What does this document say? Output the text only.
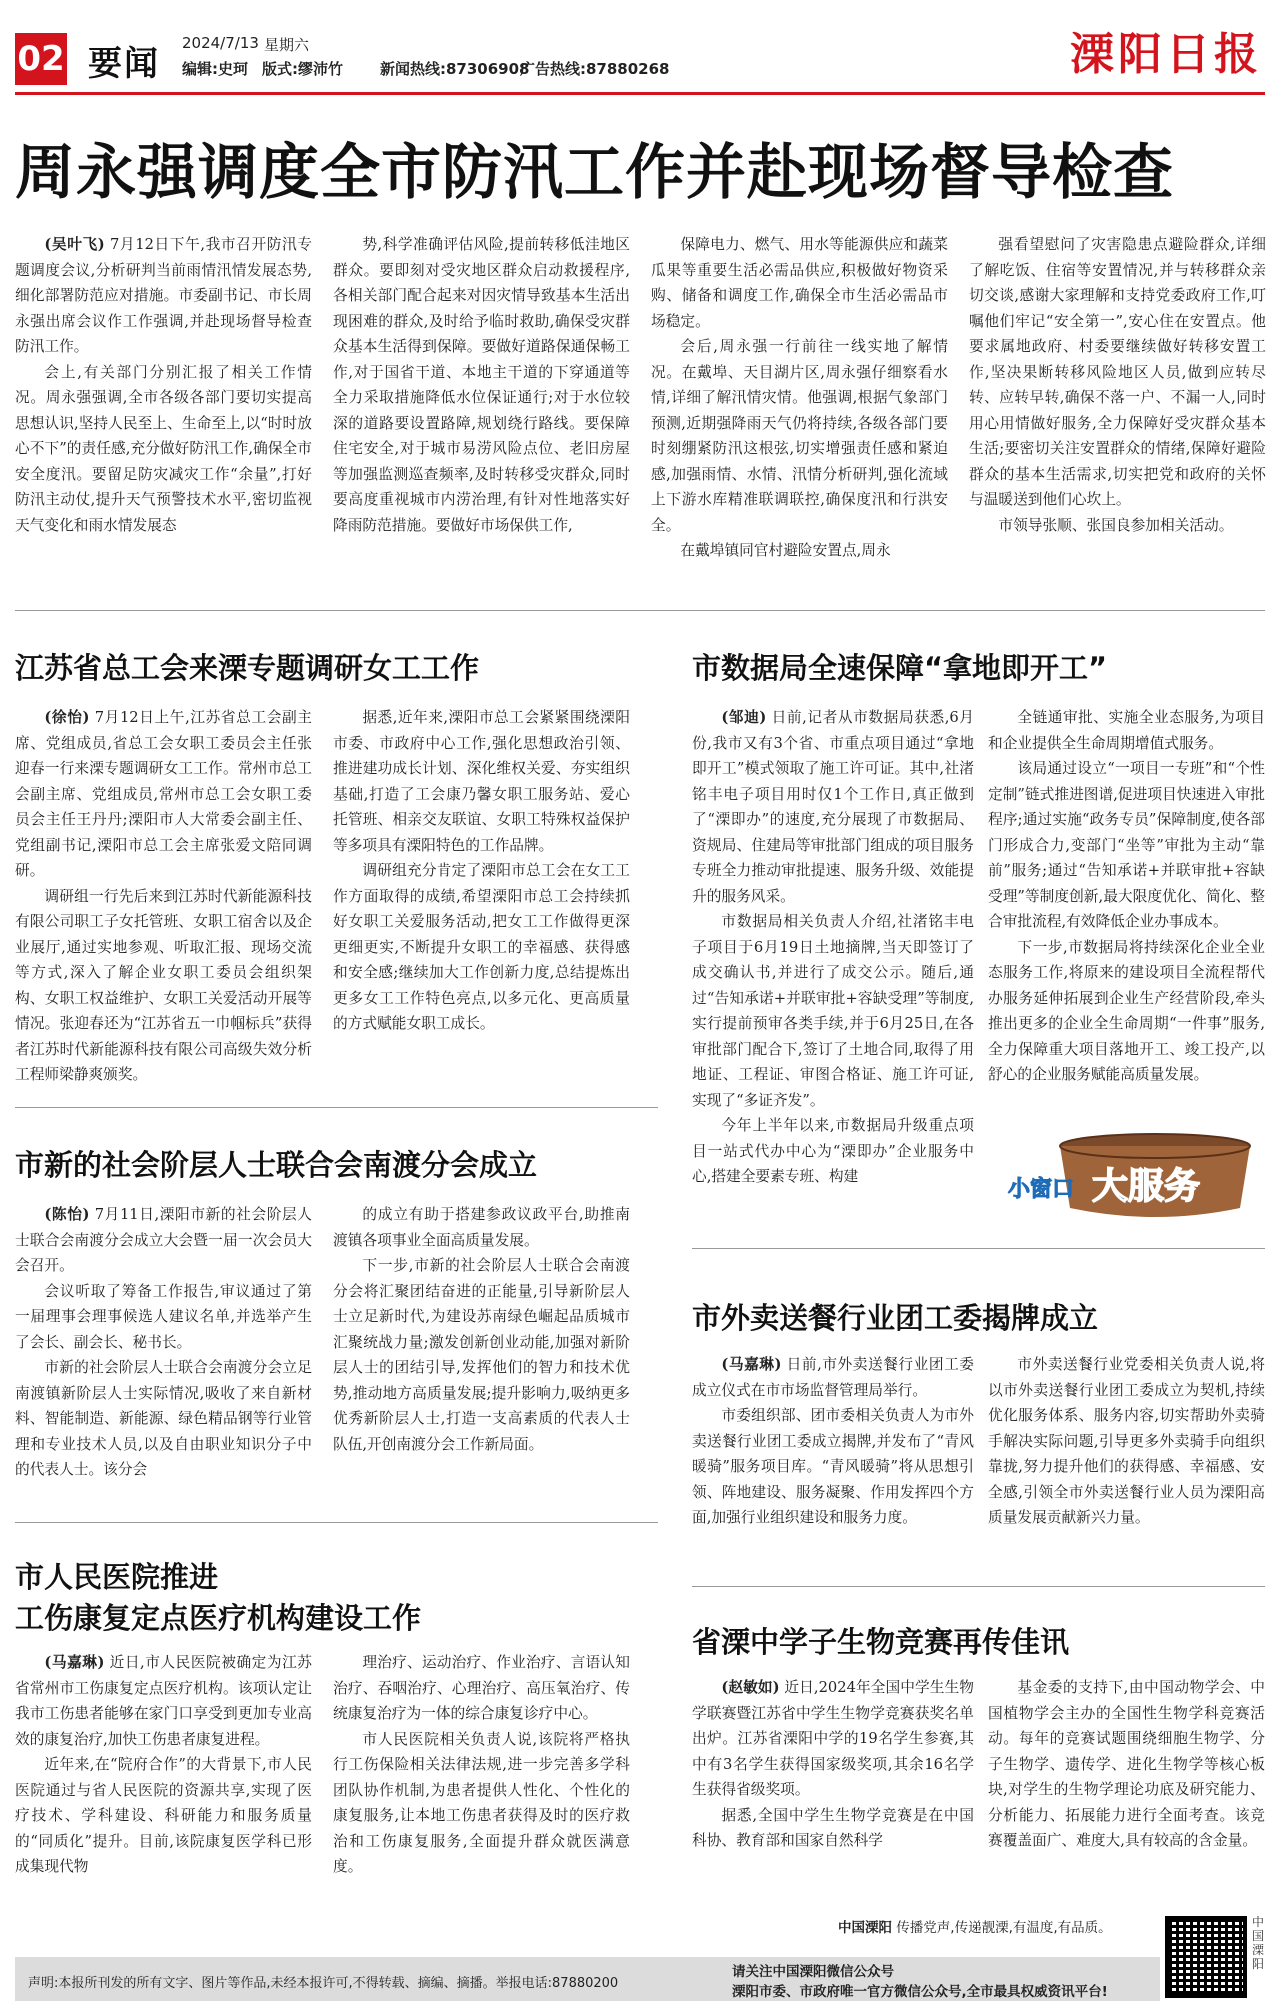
02 要闻
2024/7/13 星期六
编辑:史珂 版式:缪沛竹 新闻热线:87306908
广告热线:87880268	溧阳日报
周永强调度全市防汛工作并赴现场督导检查

(吴叶飞) 7月12日下午,我市召开防汛专题调度会议,分析研判当前雨情汛情发展态势,细化部署防范应对措施。市委副书记、市长周永强出席会议作工作强调,并赴现场督导检查防汛工作。

会上,有关部门分别汇报了相关工作情况。周永强强调,全市各级各部门要切实提高思想认识,坚持人民至上、生命至上,以“时时放心不下”的责任感,充分做好防汛工作,确保全市安全度汛。要留足防灾减灾工作“余量”,打好防汛主动仗,提升天气预警技术水平,密切监视天气变化和雨水情发展态

势,科学准确评估风险,提前转移低洼地区群众。要即刻对受灾地区群众启动救援程序,各相关部门配合起来对因灾情导致基本生活出现困难的群众,及时给予临时救助,确保受灾群众基本生活得到保障。要做好道路保通保畅工作,对于国省干道、本地主干道的下穿通道等全力采取措施降低水位保证通行;对于水位较深的道路要设置路障,规划绕行路线。要保障住宅安全,对于城市易涝风险点位、老旧房屋等加强监测巡查频率,及时转移受灾群众,同时要高度重视城市内涝治理,有针对性地落实好降雨防范措施。要做好市场保供工作,

保障电力、燃气、用水等能源供应和蔬菜瓜果等重要生活必需品供应,积极做好物资采购、储备和调度工作,确保全市生活必需品市场稳定。

会后,周永强一行前往一线实地了解情况。在戴埠、天目湖片区,周永强仔细察看水情,详细了解汛情灾情。他强调,根据气象部门预测,近期强降雨天气仍将持续,各级各部门要时刻绷紧防汛这根弦,切实增强责任感和紧迫感,加强雨情、水情、汛情分析研判,强化流域上下游水库精准联调联控,确保度汛和行洪安全。

在戴埠镇同官村避险安置点,周永

强看望慰问了灾害隐患点避险群众,详细了解吃饭、住宿等安置情况,并与转移群众亲切交谈,感谢大家理解和支持党委政府工作,叮嘱他们牢记“安全第一”,安心住在安置点。他要求属地政府、村委要继续做好转移安置工作,坚决果断转移风险地区人员,做到应转尽转、应转早转,确保不落一户、不漏一人,同时用心用情做好服务,全力保障好受灾群众基本生活;要密切关注安置群众的情绪,保障好避险群众的基本生活需求,切实把党和政府的关怀与温暖送到他们心坎上。

市领导张顺、张国良参加相关活动。

江苏省总工会来溧专题调研女工工作

(徐怡) 7月12日上午,江苏省总工会副主席、党组成员,省总工会女职工委员会主任张迎春一行来溧专题调研女工工作。常州市总工会副主席、党组成员,常州市总工会女职工委员会主任王丹丹;溧阳市人大常委会副主任、党组副书记,溧阳市总工会主席张爱文陪同调研。

调研组一行先后来到江苏时代新能源科技有限公司职工子女托管班、女职工宿舍以及企业展厅,通过实地参观、听取汇报、现场交流等方式,深入了解企业女职工委员会组织架构、女职工权益维护、女职工关爱活动开展等情况。张迎春还为“江苏省五一巾帼标兵”获得者江苏时代新能源科技有限公司高级失效分析工程师梁静爽颁奖。

据悉,近年来,溧阳市总工会紧紧围绕溧阳市委、市政府中心工作,强化思想政治引领、推进建功成长计划、深化维权关爱、夯实组织基础,打造了工会康乃馨女职工服务站、爱心托管班、相亲交友联谊、女职工特殊权益保护等多项具有溧阳特色的工作品牌。

调研组充分肯定了溧阳市总工会在女工工作方面取得的成绩,希望溧阳市总工会持续抓好女职工关爱服务活动,把女工工作做得更深更细更实,不断提升女职工的幸福感、获得感和安全感;继续加大工作创新力度,总结提炼出更多女工工作特色亮点,以多元化、更高质量的方式赋能女职工成长。

市数据局全速保障“拿地即开工”

(邹迪) 日前,记者从市数据局获悉,6月份,我市又有3个省、市重点项目通过“拿地即开工”模式领取了施工许可证。其中,社渚铭丰电子项目用时仅1个工作日,真正做到了“溧即办”的速度,充分展现了市数据局、资规局、住建局等审批部门组成的项目服务专班全力推动审批提速、服务升级、效能提升的服务风采。

市数据局相关负责人介绍,社渚铭丰电子项目于6月19日土地摘牌,当天即签订了成交确认书,并进行了成交公示。随后,通过“告知承诺+并联审批+容缺受理”等制度,实行提前预审各类手续,并于6月25日,在各审批部门配合下,签订了土地合同,取得了用地证、工程证、审图合格证、施工许可证,实现了“多证齐发”。

今年上半年以来,市数据局升级重点项目一站式代办中心为“溧即办”企业服务中心,搭建全要素专班、构建

全链通审批、实施全业态服务,为项目和企业提供全生命周期增值式服务。

该局通过设立“一项目一专班”和“个性定制”链式推进图谱,促进项目快速进入审批程序;通过实施“政务专员”保障制度,使各部门形成合力,变部门“坐等”审批为主动“靠前”服务;通过“告知承诺+并联审批+容缺受理”等制度创新,最大限度优化、简化、整合审批流程,有效降低企业办事成本。

下一步,市数据局将持续深化企业全业态服务工作,将原来的建设项目全流程帮代办服务延伸拓展到企业生产经营阶段,牵头推出更多的企业全生命周期“一件事”服务,全力保障重大项目落地开工、竣工投产,以舒心的企业服务赋能高质量发展。

小窗口 大服务
市新的社会阶层人士联合会南渡分会成立

(陈怡) 7月11日,溧阳市新的社会阶层人士联合会南渡分会成立大会暨一届一次会员大会召开。

会议听取了筹备工作报告,审议通过了第一届理事会理事候选人建议名单,并选举产生了会长、副会长、秘书长。

市新的社会阶层人士联合会南渡分会立足南渡镇新阶层人士实际情况,吸收了来自新材料、智能制造、新能源、绿色精品钢等行业管理和专业技术人员,以及自由职业知识分子中的代表人士。该分会

的成立有助于搭建参政议政平台,助推南渡镇各项事业全面高质量发展。

下一步,市新的社会阶层人士联合会南渡分会将汇聚团结奋进的正能量,引导新阶层人士立足新时代,为建设苏南绿色崛起品质城市汇聚统战力量;激发创新创业动能,加强对新阶层人士的团结引导,发挥他们的智力和技术优势,推动地方高质量发展;提升影响力,吸纳更多优秀新阶层人士,打造一支高素质的代表人士队伍,开创南渡分会工作新局面。

市外卖送餐行业团工委揭牌成立

(马嘉琳) 日前,市外卖送餐行业团工委成立仪式在市市场监督管理局举行。

市委组织部、团市委相关负责人为市外卖送餐行业团工委成立揭牌,并发布了“青风暖骑”服务项目库。“青风暖骑”将从思想引领、阵地建设、服务凝聚、作用发挥四个方面,加强行业组织建设和服务力度。

市外卖送餐行业党委相关负责人说,将以市外卖送餐行业团工委成立为契机,持续优化服务体系、服务内容,切实帮助外卖骑手解决实际问题,引导更多外卖骑手向组织靠拢,努力提升他们的获得感、幸福感、安全感,引领全市外卖送餐行业人员为溧阳高质量发展贡献新兴力量。

市人民医院推进
工伤康复定点医疗机构建设工作

(马嘉琳) 近日,市人民医院被确定为江苏省常州市工伤康复定点医疗机构。该项认定让我市工伤患者能够在家门口享受到更加专业高效的康复治疗,加快工伤患者康复进程。

近年来,在“院府合作”的大背景下,市人民医院通过与省人民医院的资源共享,实现了医疗技术、学科建设、科研能力和服务质量的“同质化”提升。目前,该院康复医学科已形成集现代物

理治疗、运动治疗、作业治疗、言语认知治疗、吞咽治疗、心理治疗、高压氧治疗、传统康复治疗为一体的综合康复诊疗中心。

市人民医院相关负责人说,该院将严格执行工伤保险相关法律法规,进一步完善多学科团队协作机制,为患者提供人性化、个性化的康复服务,让本地工伤患者获得及时的医疗救治和工伤康复服务,全面提升群众就医满意度。

省溧中学子生物竞赛再传佳讯

(赵敏如) 近日,2024年全国中学生生物学联赛暨江苏省中学生生物学竞赛获奖名单出炉。江苏省溧阳中学的19名学生参赛,其中有3名学生获得国家级奖项,其余16名学生获得省级奖项。

据悉,全国中学生生物学竞赛是在中国科协、教育部和国家自然科学

基金委的支持下,由中国动物学会、中国植物学会主办的全国性生物学科竞赛活动。每年的竞赛试题围绕细胞生物学、分子生物学、遗传学、进化生物学等核心板块,对学生的生物学理论功底及研究能力、分析能力、拓展能力进行全面考查。该竞赛覆盖面广、难度大,具有较高的含金量。

中国溧阳 传播党声,传递靓溧,有温度,有品质。
声明:本报所刊发的所有文字、图片等作品,未经本报许可,不得转载、摘编、摘播。举报电话:87880200
请关注中国溧阳微信公众号
溧阳市委、市政府唯一官方微信公众号,全市最具权威资讯平台!
中国溧阳
